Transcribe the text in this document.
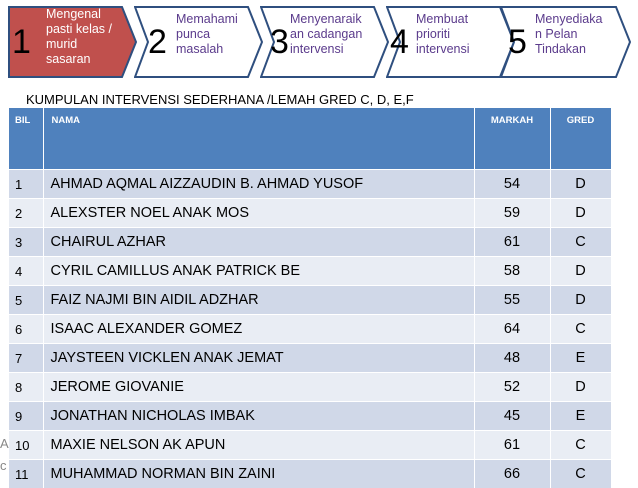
1
Mengenal
pasti kelas /
murid
sasaran	2
Memahami
punca
masalah	3
Menyenaraik
an cadangan
intervensi	4
Membuat
prioriti
intervensi 5
Menyediaka
n Pelan
Tindakan
KUMPULAN INTERVENSI SEDERHANA /LEMAH GRED C, D, E,F
BIL	NAMA	MARKAH	GRED
1	AHMAD AQMAL AIZZAUDIN B. AHMAD YUSOF	54	D
2	ALEXSTER NOEL ANAK MOS	59	D
3	CHAIRUL AZHAR	61	C
4	CYRIL CAMILLUS ANAK PATRICK BE	58	D
5	FAIZ NAJMI BIN AIDIL ADZHAR	55	D
6	ISAAC ALEXANDER GOMEZ	64	C
7	JAYSTEEN VICKLEN ANAK JEMAT	48	E
8	JEROME GIOVANIE	52	D
9	JONATHAN NICHOLAS IMBAK	45	E
10	MAXIE NELSON AK APUN	61	C
11	MUHAMMAD NORMAN BIN ZAINI	66	C
A
c
